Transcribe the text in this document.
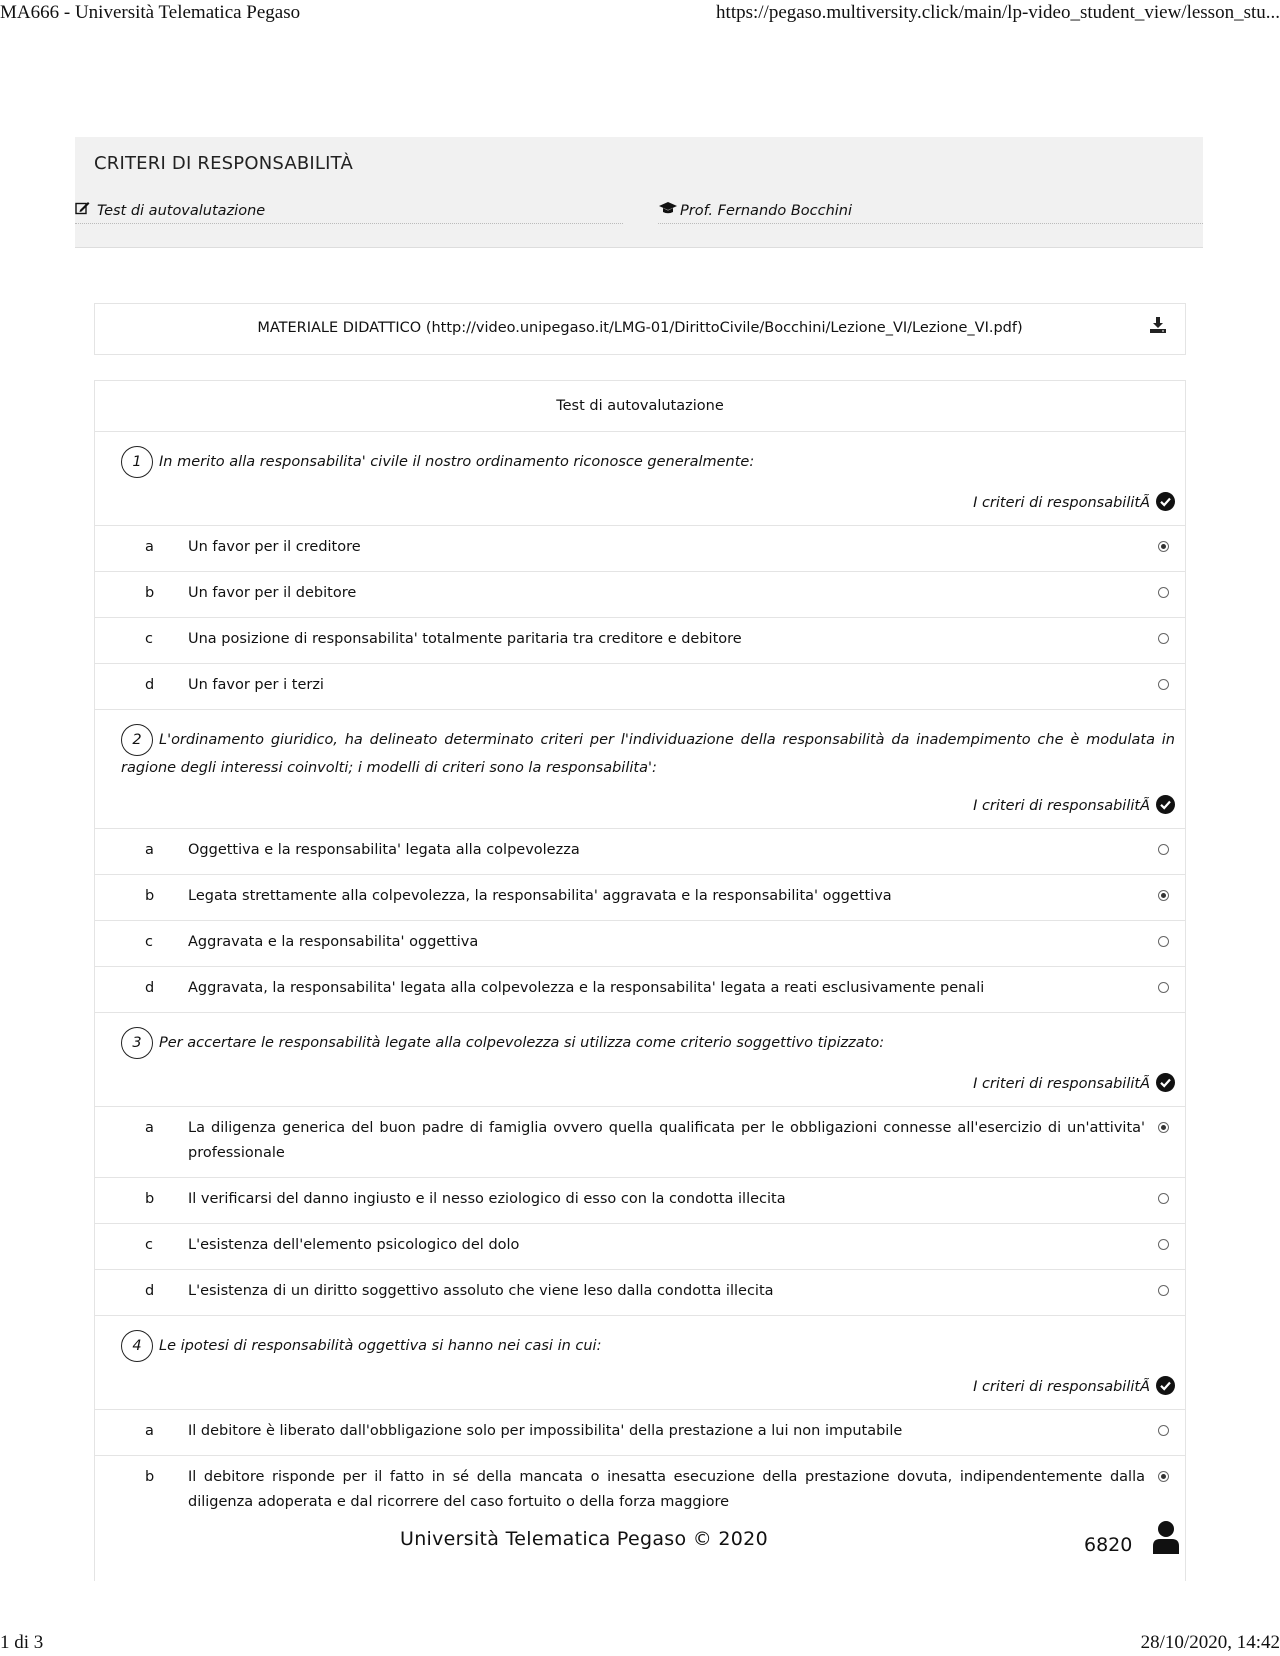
MA666 - Università Telematica Pegaso	https://pegaso.multiversity.click/main/lp-video_student_view/lesson_stu...
CRITERI DI RESPONSABILITÀ
Test di autovalutazione	Prof. Fernando Bocchini
MATERIALE DIDATTICO (http://video.unipegaso.it/LMG-01/DirittoCivile/Bocchini/Lezione_VI/Lezione_VI.pdf)
Test di autovalutazione
1 In merito alla responsabilita' civile il nostro ordinamento riconosce generalmente:
I criteri di responsabilitÃ
a Un favor per il creditore
b Un favor per il debitore
c Una posizione di responsabilita' totalmente paritaria tra creditore e debitore
d Un favor per i terzi
2 L'ordinamento giuridico, ha delineato determinato criteri per l'individuazione della responsabilità da inadempimento che è modulata in ragione degli interessi coinvolti; i modelli di criteri sono la responsabilita':
I criteri di responsabilitÃ
a Oggettiva e la responsabilita' legata alla colpevolezza
b Legata strettamente alla colpevolezza, la responsabilita' aggravata e la responsabilita' oggettiva
c Aggravata e la responsabilita' oggettiva
d Aggravata, la responsabilita' legata alla colpevolezza e la responsabilita' legata a reati esclusivamente penali
3 Per accertare le responsabilità legate alla colpevolezza si utilizza come criterio soggettivo tipizzato:
I criteri di responsabilitÃ
a La diligenza generica del buon padre di famiglia ovvero quella qualificata per le obbligazioni connesse all'esercizio di un'attivita' professionale
b Il verificarsi del danno ingiusto e il nesso eziologico di esso con la condotta illecita
c L'esistenza dell'elemento psicologico del dolo
d L'esistenza di un diritto soggettivo assoluto che viene leso dalla condotta illecita
4 Le ipotesi di responsabilità oggettiva si hanno nei casi in cui:
I criteri di responsabilitÃ
a Il debitore è liberato dall'obbligazione solo per impossibilita' della prestazione a lui non imputabile
b Il debitore risponde per il fatto in sé della mancata o inesatta esecuzione della prestazione dovuta, indipendentemente dalla diligenza adoperata e dal ricorrere del caso fortuito o della forza maggiore
Università Telematica Pegaso © 2020	6820
1 di 3	28/10/2020, 14:42
